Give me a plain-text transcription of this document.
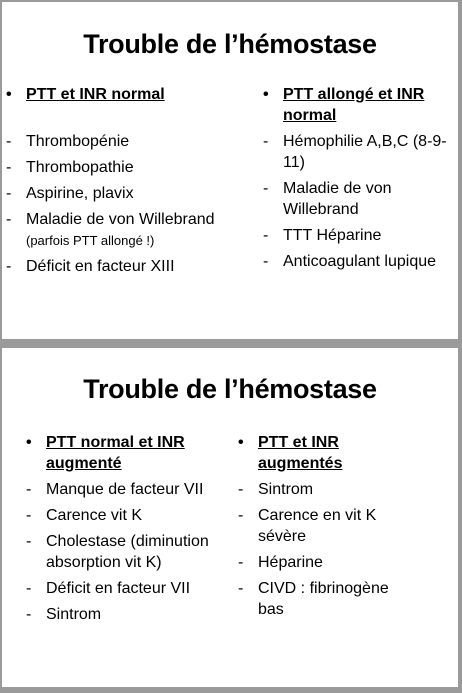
Trouble de l’hémostase
• PTT et INR normal
- Thrombopénie
- Thrombopathie
- Aspirine, plavix
- Maladie de von Willebrand (parfois PTT allongé !)
- Déficit en facteur XIII
• PTT allongé et INR normal
- Hémophilie A,B,C (8-9-11)
- Maladie de von Willebrand
- TTT Héparine
- Anticoagulant lupique
Trouble de l’hémostase
• PTT normal et INR augmenté
- Manque de facteur VII
- Carence vit K
- Cholestase (diminution absorption vit K)
- Déficit en facteur VII
- Sintrom
• PTT et INR augmentés
- Sintrom
- Carence en vit K sévère
- Héparine
- CIVD : fibrinogène bas
